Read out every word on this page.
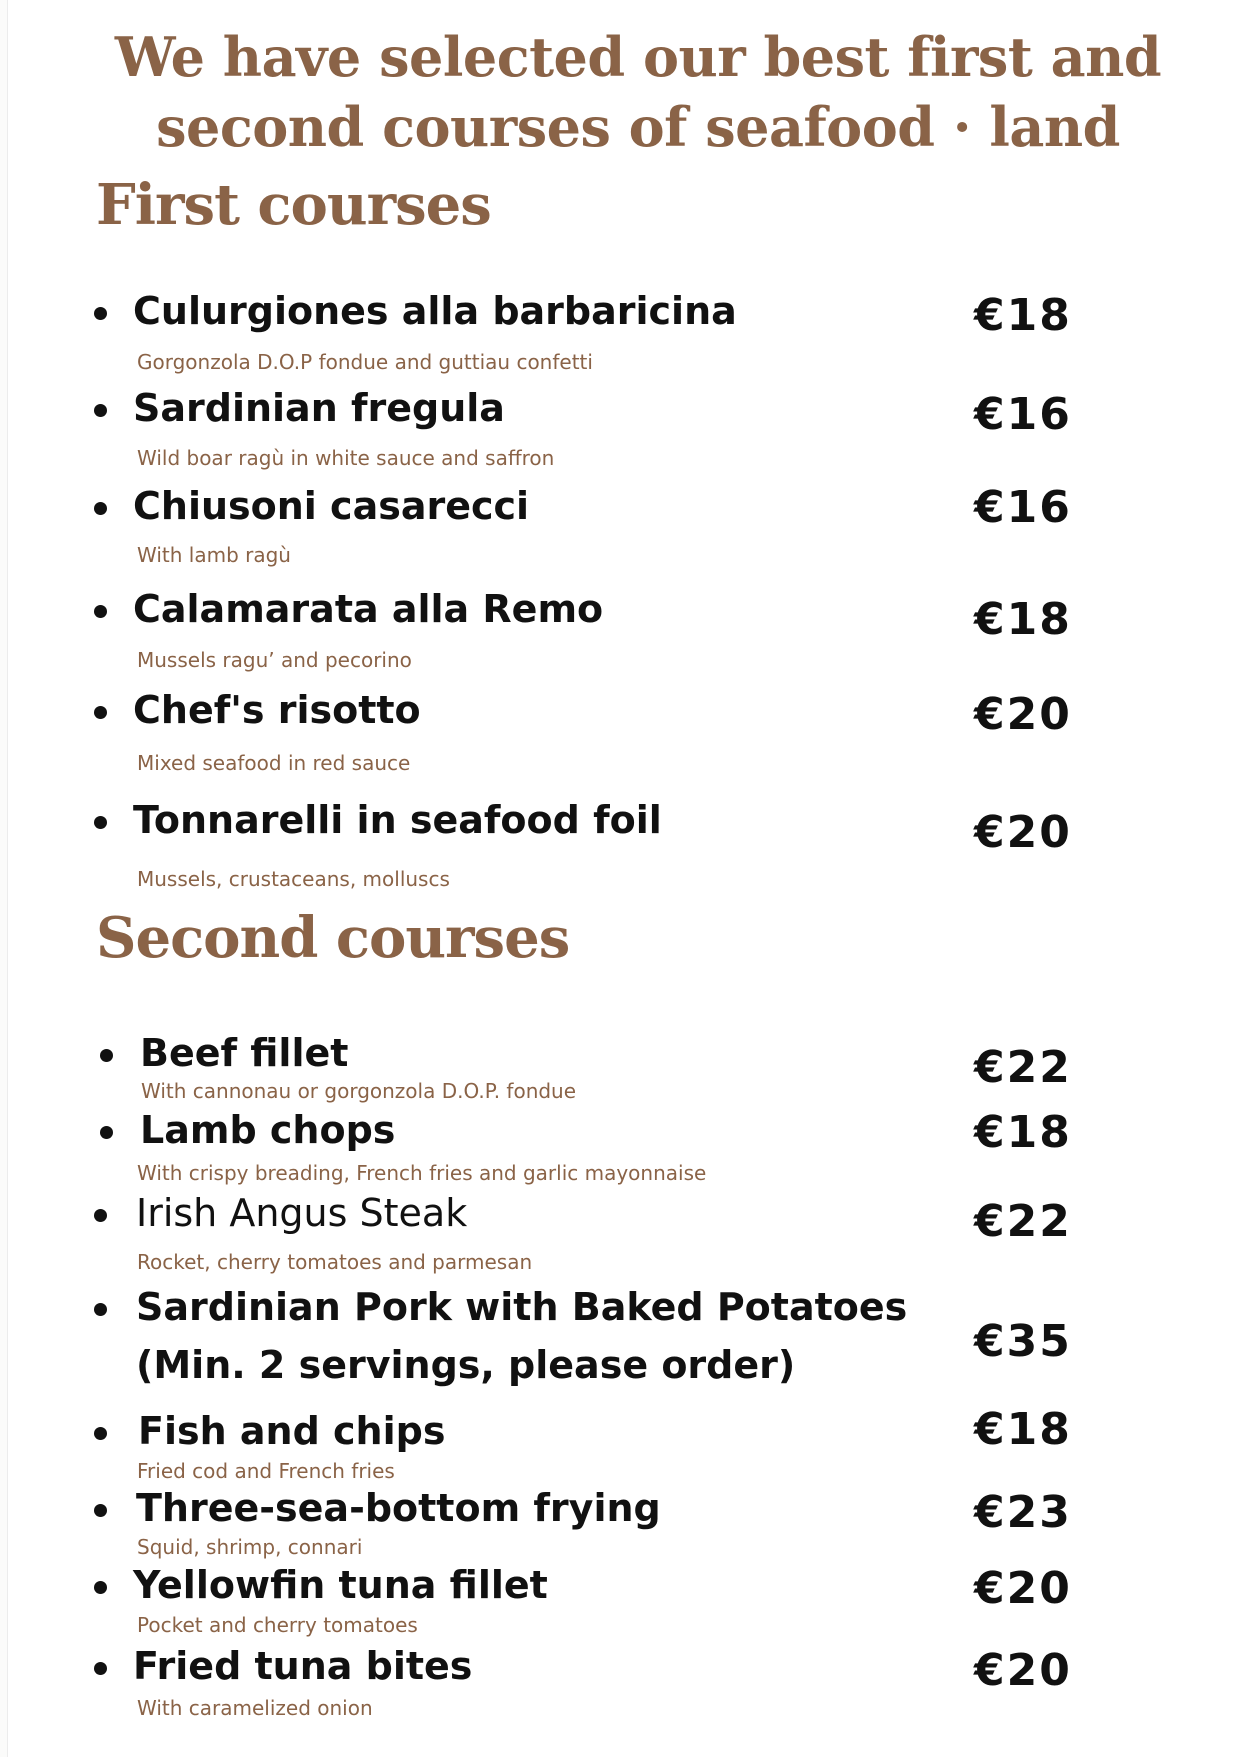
We have selected our best first and
second courses of seafood · land
First courses
Culurgiones alla barbaricina
Gorgonzola D.O.P fondue and guttiau confetti
€18
Sardinian fregula
Wild boar ragù in white sauce and saffron
€16
Chiusoni casarecci
With lamb ragù
€16
Calamarata alla Remo
Mussels ragu’ and pecorino
€18
Chef's risotto
Mixed seafood in red sauce
€20
Tonnarelli in seafood foil
Mussels, crustaceans, molluscs
€20
Second courses
Beef fillet
With cannonau or gorgonzola D.O.P. fondue	€22
Lamb chops
With crispy breading, French fries and garlic mayonnaise
€18
Irish Angus Steak
Rocket, cherry tomatoes and parmesan
€22
Sardinian Pork with Baked Potatoes
(Min. 2 servings, please order)	€35
Fish and chips
Fried cod and French fries
€18
Three-sea-bottom frying
Squid, shrimp, connari
€23
Yellowfin tuna fillet
Pocket and cherry tomatoes
€20
Fried tuna bites
With caramelized onion
€20
